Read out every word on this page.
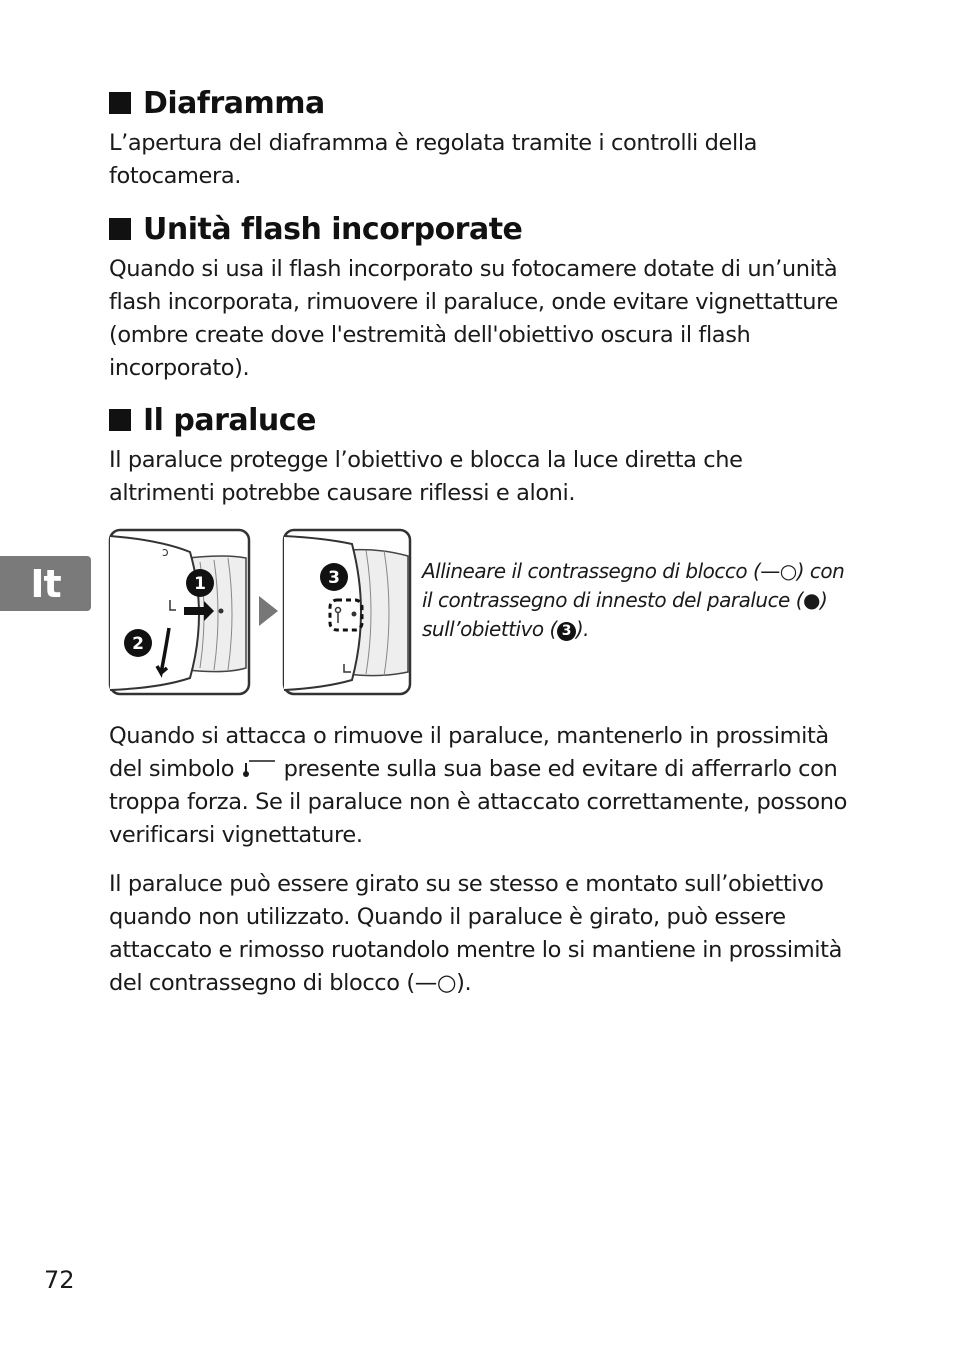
Diaframma

L’apertura del diaframma è regolata tramite i controlli della fotocamera.

Unità flash incorporate

Quando si usa il flash incorporato su fotocamere dotate di un’unità flash incorporata, rimuovere il paraluce, onde evitare vignettatture (ombre create dove l'estremità dell'obiettivo oscura il flash incorporato).

Il paraluce

Il paraluce protegge l’obiettivo e blocca la luce diretta che altrimenti potrebbe causare riflessi e aloni.

It
ↄ
1
2
3	Allineare il contrassegno di blocco (—○) con il contrassegno di innesto del paraluce (●) sull’obiettivo ( 3 ).

Quando si attacca o rimuove il paraluce, mantenerlo in prossimità del simbolo  presente sulla sua base ed evitare di afferrarlo con troppa forza. Se il paraluce non è attaccato correttamente, possono verificarsi vignettature.

Il paraluce può essere girato su se stesso e montato sull’obiettivo quando non utilizzato. Quando il paraluce è girato, può essere attaccato e rimosso ruotandolo mentre lo si mantiene in prossimità del contrassegno di blocco (—○).

72
